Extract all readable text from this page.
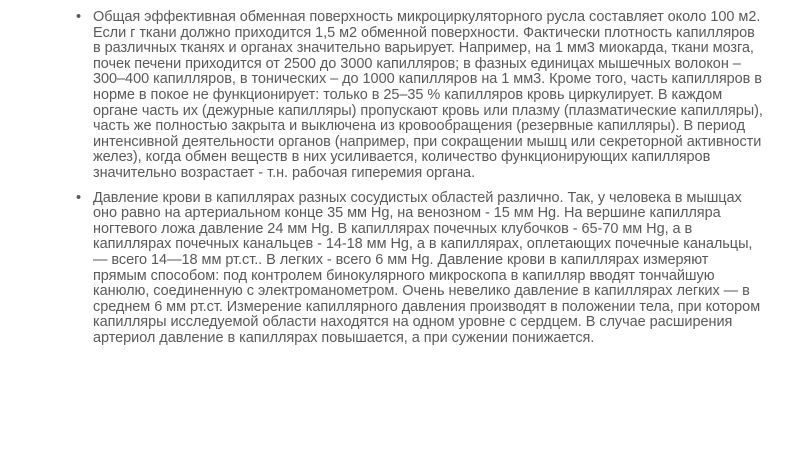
• Общая эффективная обменная поверхность микроциркуляторного русла составляет около 100 м2. Если г ткани должно приходится 1,5 м2 обменной поверхности. Фактически плотность капилляров в различных тканях и органах значительно варьирует. Например, на 1 мм3 миокарда, ткани мозга, почек печени приходится от 2500 до 3000 капилляров; в фазных единицах мышечных волокон – 300–400 капилляров, в тонических – до 1000 капилляров на 1 мм3. Кроме того, часть капилляров в норме в покое не функционирует: только в 25–35 % капилляров кровь циркулирует. В каждом органе часть их (дежурные капилляры) пропускают кровь или плазму (плазматические капилляры), часть же полностью закрыта и выключена из кровообращения (резервные капилляры). В период интенсивной деятельности органов (например, при сокращении мышц или секреторной активности желез), когда обмен веществ в них усиливается, количество функционирующих капилляров значительно возрастает - т.н. рабочая гиперемия органа.
• Давление крови в капиллярах разных сосудистых областей различно. Так, у человека в мышцах оно равно на артериальном конце 35 мм Hg, на венозном - 15 мм Hg. На вершине капилляра ногтевого ложа давление 24 мм Hg. В капиллярах почечных клубочков - 65-70 мм Hg, а в капиллярах почечных канальцев - 14-18 мм Hg, а в капиллярах, оплетающих почечные канальцы, — всего 14—18 мм рт.ст.. В легких - всего 6 мм Hg. Давление крови в капиллярах измеряют прямым способом: под контролем бинокулярного микроскопа в капилляр вводят тончайшую канюлю, соединенную с электроманометром. Очень невелико давление в капиллярах легких — в среднем 6 мм рт.ст. Измерение капиллярного давления производят в положении тела, при котором капилляры исследуемой области находятся на одном уровне с сердцем. В случае расширения артериол давление в капиллярах повышается, а при сужении понижается.
